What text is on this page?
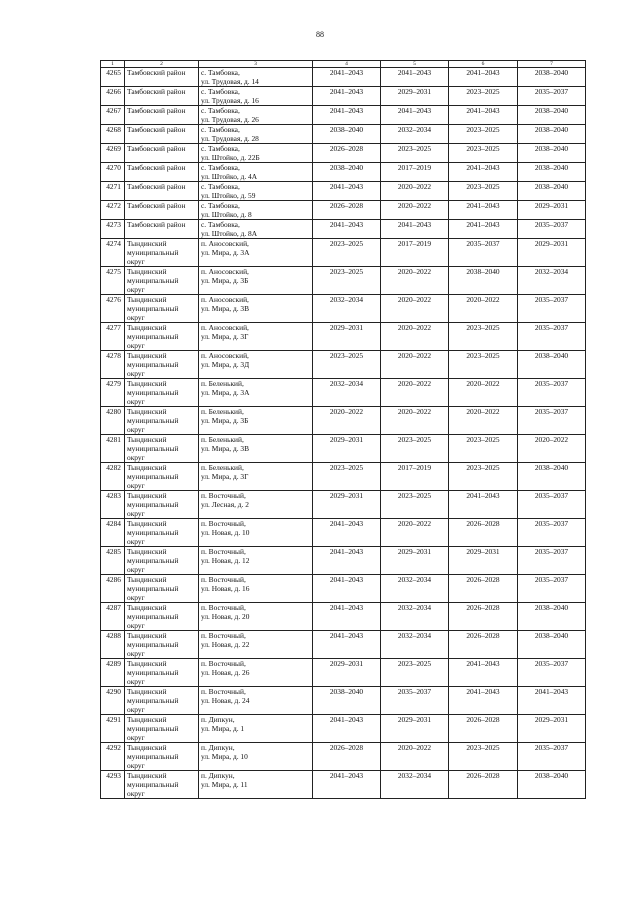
88
1	2	3	4	5	6	7
4265	Тамбовский район	с. Тамбовка,
ул. Трудовая, д. 14	2041–2043	2041–2043	2041–2043	2038–2040
4266	Тамбовский район	с. Тамбовка,
ул. Трудовая, д. 16	2041–2043	2029–2031	2023–2025	2035–2037
4267	Тамбовский район	с. Тамбовка,
ул. Трудовая, д. 26	2041–2043	2041–2043	2041–2043	2038–2040
4268	Тамбовский район	с. Тамбовка,
ул. Трудовая, д. 28	2038–2040	2032–2034	2023–2025	2038–2040
4269	Тамбовский район	с. Тамбовка,
ул. Штойко, д. 22Б	2026–2028	2023–2025	2023–2025	2038–2040
4270	Тамбовский район	с. Тамбовка,
ул. Штойко, д. 4А	2038–2040	2017–2019	2041–2043	2038–2040
4271	Тамбовский район	с. Тамбовка,
ул. Штойко, д. 59	2041–2043	2020–2022	2023–2025	2038–2040
4272	Тамбовский район	с. Тамбовка,
ул. Штойко, д. 8	2026–2028	2020–2022	2041–2043	2029–2031
4273	Тамбовский район	с. Тамбовка,
ул. Штойко, д. 8А	2041–2043	2041–2043	2041–2043	2035–2037
4274	Тындинский
муниципальный
округ	п. Аносовский,
ул. Мира, д. 3А	2023–2025	2017–2019	2035–2037	2029–2031
4275	Тындинский
муниципальный
округ	п. Аносовский,
ул. Мира, д. 3Б	2023–2025	2020–2022	2038–2040	2032–2034
4276	Тындинский
муниципальный
округ	п. Аносовский,
ул. Мира, д. 3В	2032–2034	2020–2022	2020–2022	2035–2037
4277	Тындинский
муниципальный
округ	п. Аносовский,
ул. Мира, д. 3Г	2029–2031	2020–2022	2023–2025	2035–2037
4278	Тындинский
муниципальный
округ	п. Аносовский,
ул. Мира, д. 3Д	2023–2025	2020–2022	2023–2025	2038–2040
4279	Тындинский
муниципальный
округ	п. Беленький,
ул. Мира, д. 3А	2032–2034	2020–2022	2020–2022	2035–2037
4280	Тындинский
муниципальный
округ	п. Беленький,
ул. Мира, д. 3Б	2020–2022	2020–2022	2020–2022	2035–2037
4281	Тындинский
муниципальный
округ	п. Беленький,
ул. Мира, д. 3В	2029–2031	2023–2025	2023–2025	2020–2022
4282	Тындинский
муниципальный
округ	п. Беленький,
ул. Мира, д. 3Г	2023–2025	2017–2019	2023–2025	2038–2040
4283	Тындинский
муниципальный
округ	п. Восточный,
ул. Лесная, д. 2	2029–2031	2023–2025	2041–2043	2035–2037
4284	Тындинский
муниципальный
округ	п. Восточный,
ул. Новая, д. 10	2041–2043	2020–2022	2026–2028	2035–2037
4285	Тындинский
муниципальный
округ	п. Восточный,
ул. Новая, д. 12	2041–2043	2029–2031	2029–2031	2035–2037
4286	Тындинский
муниципальный
округ	п. Восточный,
ул. Новая, д. 16	2041–2043	2032–2034	2026–2028	2035–2037
4287	Тындинский
муниципальный
округ	п. Восточный,
ул. Новая, д. 20	2041–2043	2032–2034	2026–2028	2038–2040
4288	Тындинский
муниципальный
округ	п. Восточный,
ул. Новая, д. 22	2041–2043	2032–2034	2026–2028	2038–2040
4289	Тындинский
муниципальный
округ	п. Восточный,
ул. Новая, д. 26	2029–2031	2023–2025	2041–2043	2035–2037
4290	Тындинский
муниципальный
округ	п. Восточный,
ул. Новая, д. 24	2038–2040	2035–2037	2041–2043	2041–2043
4291	Тындинский
муниципальный
округ	п. Дипкун,
ул. Мира, д. 1	2041–2043	2029–2031	2026–2028	2029–2031
4292	Тындинский
муниципальный
округ	п. Дипкун,
ул. Мира, д. 10	2026–2028	2020–2022	2023–2025	2035–2037
4293	Тындинский
муниципальный
округ	п. Дипкун,
ул. Мира, д. 11	2041–2043	2032–2034	2026–2028	2038–2040
